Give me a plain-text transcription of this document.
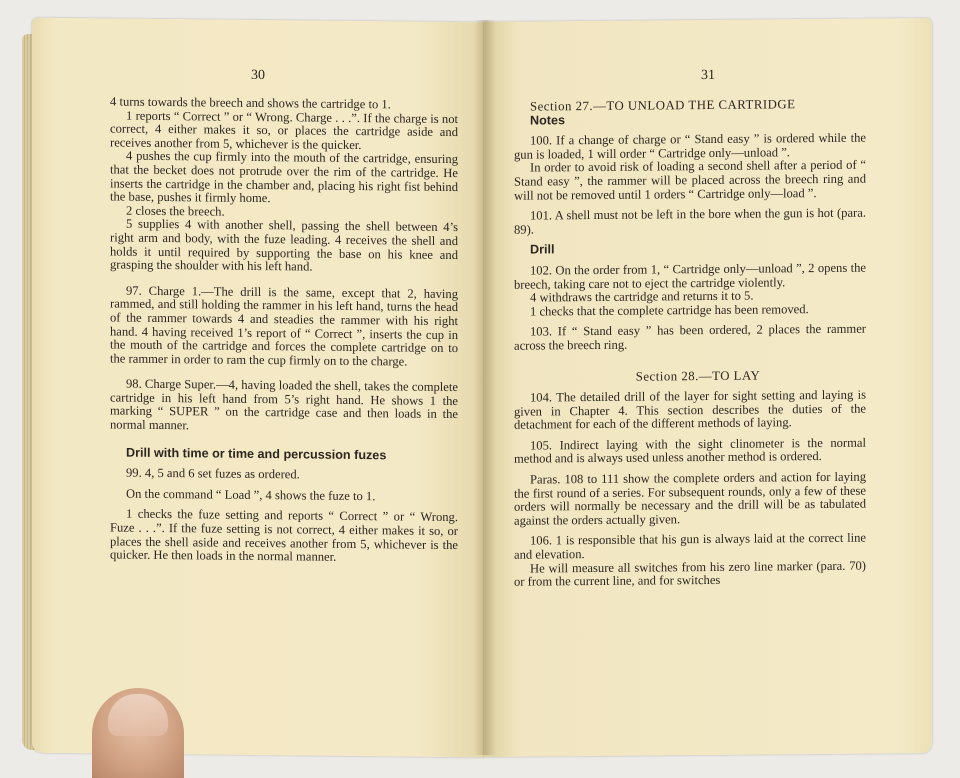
30

4 turns towards the breech and shows the cartridge to 1.

1 reports “ Correct ” or “ Wrong. Charge . . .”. If the charge is not correct, 4 either makes it so, or places the cartridge aside and receives another from 5, whichever is the quicker.

4 pushes the cup firmly into the mouth of the cartridge, ensuring that the becket does not protrude over the rim of the cartridge. He inserts the cartridge in the chamber and, placing his right fist behind the base, pushes it firmly home.

2 closes the breech.

5 supplies 4 with another shell, passing the shell between 4’s right arm and body, with the fuze leading. 4 receives the shell and holds it until required by supporting the base on his knee and grasping the shoulder with his left hand.

97. Charge 1.—The drill is the same, except that 2, having rammed, and still holding the rammer in his left hand, turns the head of the rammer towards 4 and steadies the rammer with his right hand. 4 having received 1’s report of “ Correct ”, inserts the cup in the mouth of the cartridge and forces the complete cartridge on to the rammer in order to ram the cup firmly on to the charge.

98. Charge Super.—4, having loaded the shell, takes the complete cartridge in his left hand from 5’s right hand. He shows 1 the marking “ SUPER ” on the cartridge case and then loads in the normal manner.

Drill with time or time and percussion fuzes

99. 4, 5 and 6 set fuzes as ordered.

On the command “ Load ”, 4 shows the fuze to 1.

1 checks the fuze setting and reports “ Correct ” or “ Wrong. Fuze . . .”. If the fuze setting is not correct, 4 either makes it so, or places the shell aside and receives another from 5, whichever is the quicker. He then loads in the normal manner.

31

Section 27.—TO UNLOAD THE CARTRIDGE

Notes

100. If a change of charge or “ Stand easy ” is ordered while the gun is loaded, 1 will order “ Cartridge only—unload ”.

In order to avoid risk of loading a second shell after a period of “ Stand easy ”, the rammer will be placed across the breech ring and will not be removed until 1 orders “ Cartridge only—load ”.

101. A shell must not be left in the bore when the gun is hot (para. 89).

Drill

102. On the order from 1, “ Cartridge only—unload ”, 2 opens the breech, taking care not to eject the cartridge violently.

4 withdraws the cartridge and returns it to 5.

1 checks that the complete cartridge has been removed.

103. If “ Stand easy ” has been ordered, 2 places the rammer across the breech ring.

Section 28.—TO LAY

104. The detailed drill of the layer for sight setting and laying is given in Chapter 4. This section describes the duties of the detachment for each of the different methods of laying.

105. Indirect laying with the sight clinometer is the normal method and is always used unless another method is ordered.

Paras. 108 to 111 show the complete orders and action for laying the first round of a series. For subsequent rounds, only a few of these orders will normally be necessary and the drill will be as tabulated against the orders actually given.

106. 1 is responsible that his gun is always laid at the correct line and elevation.

He will measure all switches from his zero line marker (para. 70) or from the current line, and for switches
